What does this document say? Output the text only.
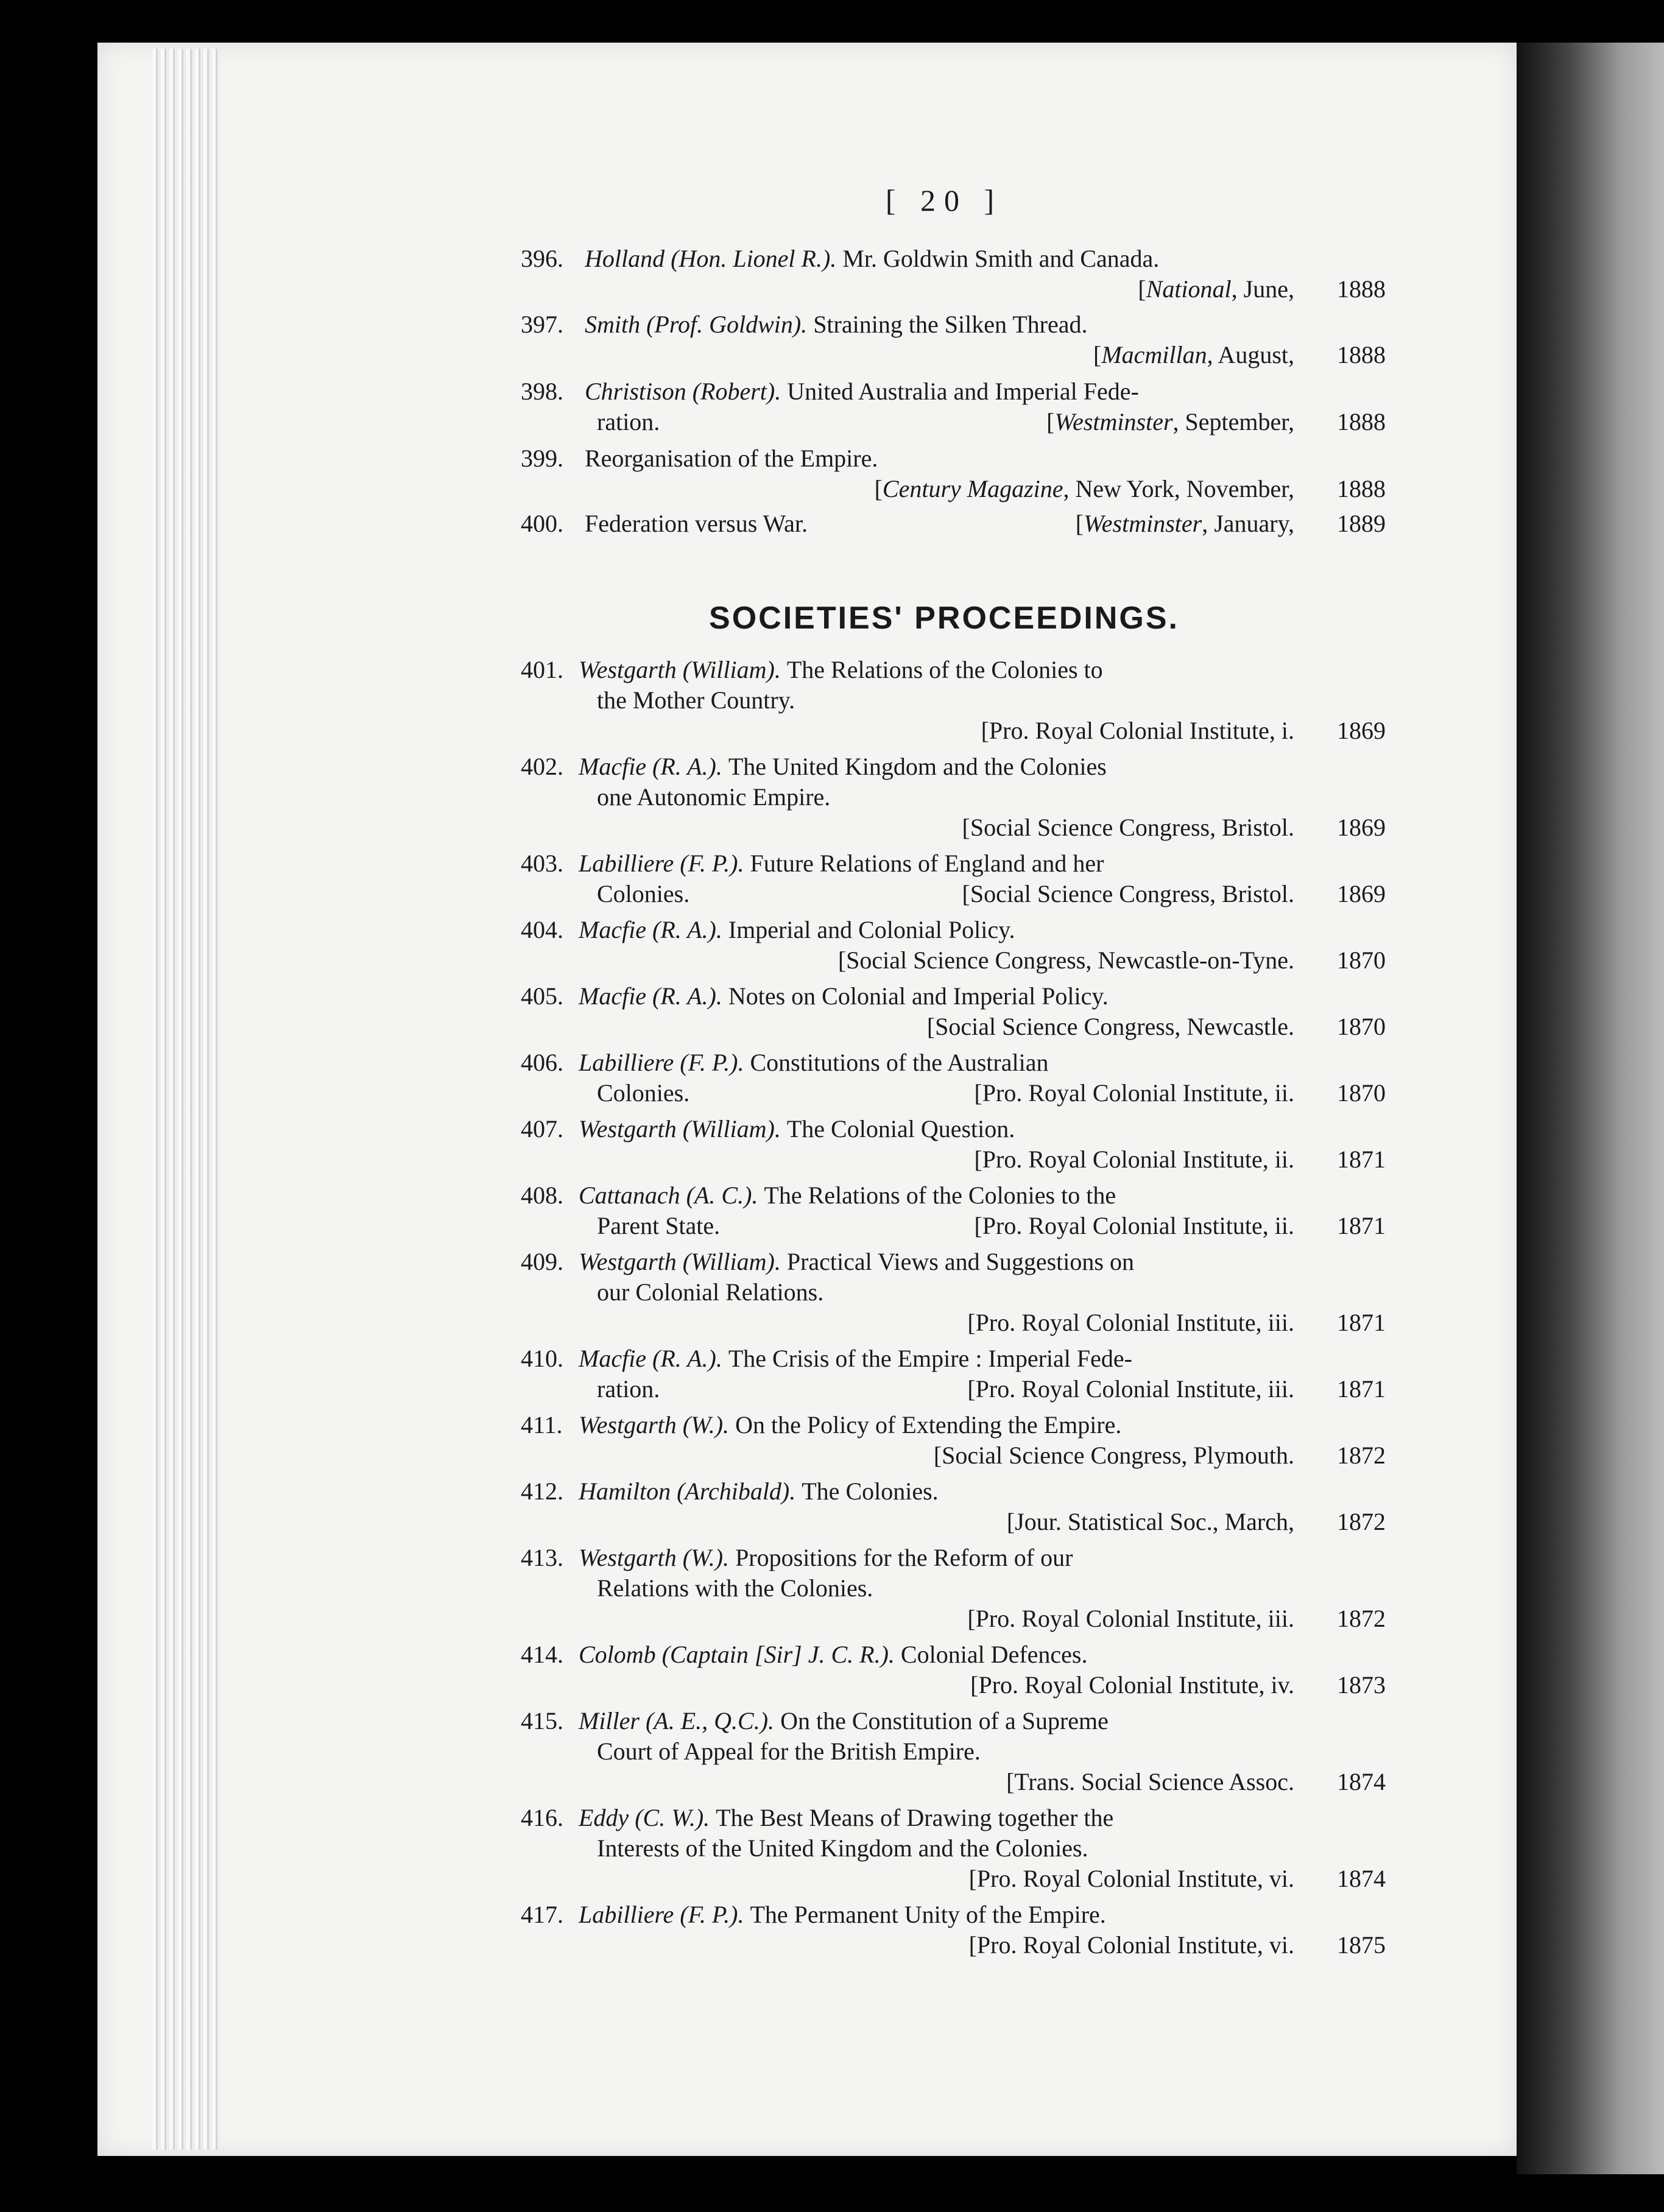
[ 20 ]
396. Holland (Hon. Lionel R.). Mr. Goldwin Smith and Canada.
[National, June,	1888
397. Smith (Prof. Goldwin). Straining the Silken Thread.
[Macmillan, August,	1888
398. Christison (Robert). United Australia and Imperial Fede-
ration.	[Westminster, September,	1888
399. Reorganisation of the Empire.
[Century Magazine, New York, November,	1888
400. Federation versus War.	[Westminster, January,	1889
SOCIETIES' PROCEEDINGS.
401. Westgarth (William). The Relations of the Colonies to
the Mother Country.
[Pro. Royal Colonial Institute, i.	1869
402. Macfie (R. A.). The United Kingdom and the Colonies
one Autonomic Empire.
[Social Science Congress, Bristol.	1869
403. Labilliere (F. P.). Future Relations of England and her
Colonies.	[Social Science Congress, Bristol.	1869
404. Macfie (R. A.). Imperial and Colonial Policy.
[Social Science Congress, Newcastle-on-Tyne.	1870
405. Macfie (R. A.). Notes on Colonial and Imperial Policy.
[Social Science Congress, Newcastle.	1870
406. Labilliere (F. P.). Constitutions of the Australian
Colonies.	[Pro. Royal Colonial Institute, ii.	1870
407. Westgarth (William). The Colonial Question.
[Pro. Royal Colonial Institute, ii.	1871
408. Cattanach (A. C.). The Relations of the Colonies to the
Parent State.	[Pro. Royal Colonial Institute, ii.	1871
409. Westgarth (William). Practical Views and Suggestions on
our Colonial Relations.
[Pro. Royal Colonial Institute, iii.	1871
410. Macfie (R. A.). The Crisis of the Empire : Imperial Fede-
ration.	[Pro. Royal Colonial Institute, iii.	1871
411. Westgarth (W.). On the Policy of Extending the Empire.
[Social Science Congress, Plymouth.	1872
412. Hamilton (Archibald). The Colonies.
[Jour. Statistical Soc., March,	1872
413. Westgarth (W.). Propositions for the Reform of our
Relations with the Colonies.
[Pro. Royal Colonial Institute, iii.	1872
414. Colomb (Captain [Sir] J. C. R.). Colonial Defences.
[Pro. Royal Colonial Institute, iv.	1873
415. Miller (A. E., Q.C.). On the Constitution of a Supreme
Court of Appeal for the British Empire.
[Trans. Social Science Assoc.	1874
416. Eddy (C. W.). The Best Means of Drawing together the
Interests of the United Kingdom and the Colonies.
[Pro. Royal Colonial Institute, vi.	1874
417. Labilliere (F. P.). The Permanent Unity of the Empire.
[Pro. Royal Colonial Institute, vi.	1875
